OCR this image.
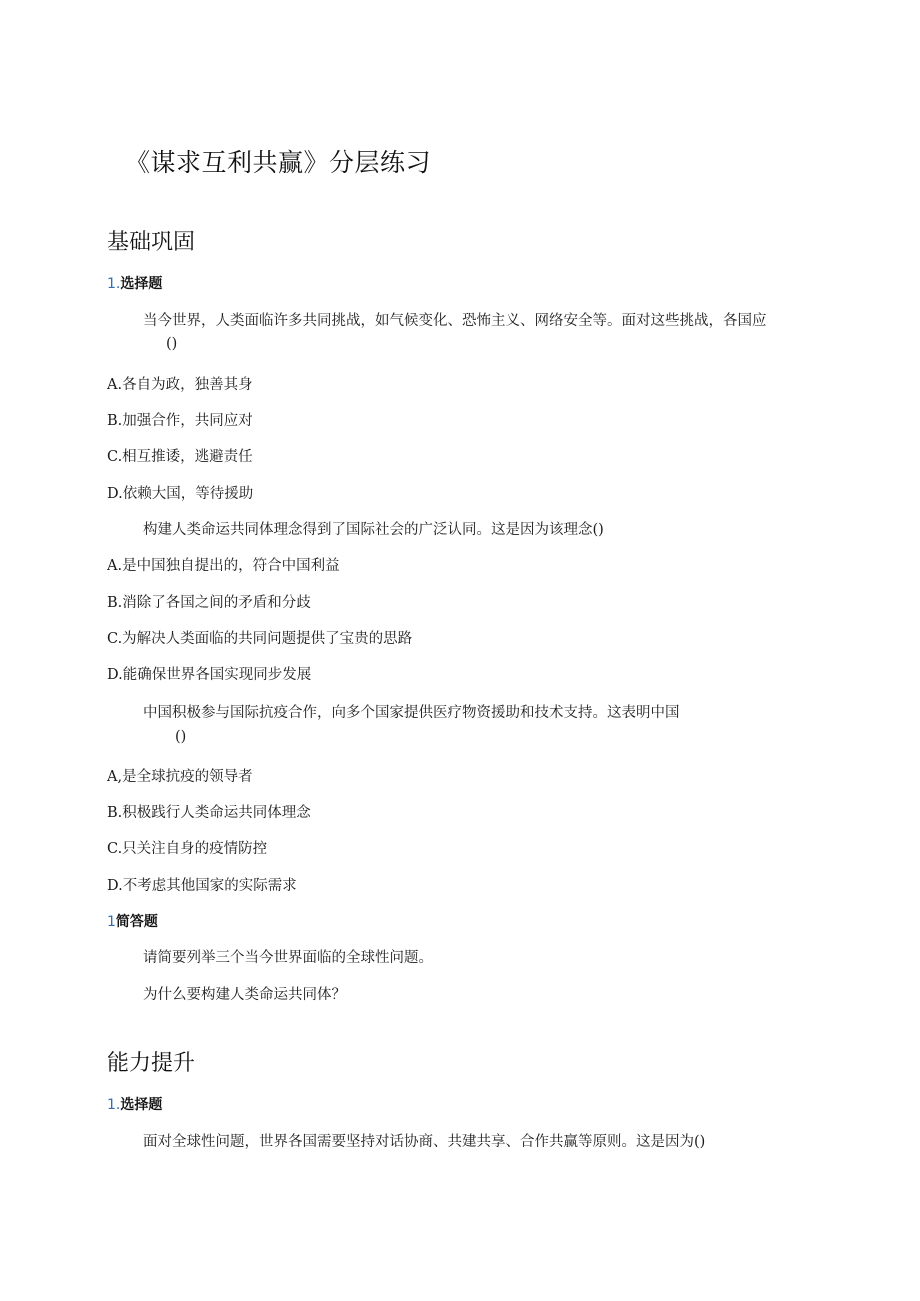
《谋求互利共赢》分层练习
基础巩固
1.选择题
当今世界，人类面临许多共同挑战，如气候变化、恐怖主义、网络安全等。面对这些挑战，各国应
()
A.各自为政，独善其身
B.加强合作，共同应对
C.相互推诿，逃避责任
D.依赖大国，等待援助
构建人类命运共同体理念得到了国际社会的广泛认同。这是因为该理念()
A.是中国独自提出的，符合中国利益
B.消除了各国之间的矛盾和分歧
C.为解决人类面临的共同问题提供了宝贵的思路
D.能确保世界各国实现同步发展
中国积极参与国际抗疫合作，向多个国家提供医疗物资援助和技术支持。这表明中国
()
A,是全球抗疫的领导者
B.积极践行人类命运共同体理念
C.只关注自身的疫情防控
D.不考虑其他国家的实际需求
1简答题
请简要列举三个当今世界面临的全球性问题。
为什么要构建人类命运共同体？
能力提升
1.选择题
面对全球性问题，世界各国需要坚持对话协商、共建共享、合作共赢等原则。这是因为()
